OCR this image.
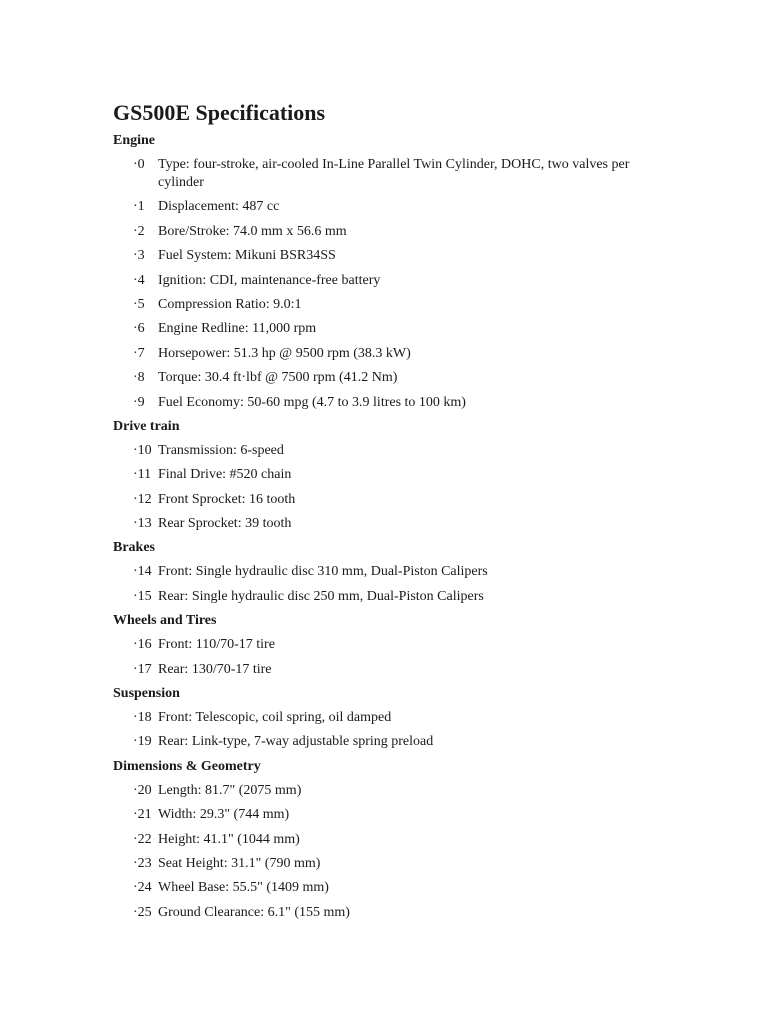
GS500E Specifications
Engine
·0 Type: four-stroke, air-cooled In-Line Parallel Twin Cylinder, DOHC, two valves per cylinder
·1 Displacement: 487 cc
·2 Bore/Stroke: 74.0 mm x 56.6 mm
·3 Fuel System: Mikuni BSR34SS
·4 Ignition: CDI, maintenance-free battery
·5 Compression Ratio: 9.0:1
·6 Engine Redline: 11,000 rpm
·7 Horsepower: 51.3 hp @ 9500 rpm (38.3 kW)
·8 Torque: 30.4 ft·lbf @ 7500 rpm (41.2 Nm)
·9 Fuel Economy: 50-60 mpg (4.7 to 3.9 litres to 100 km)
Drive train
·10 Transmission: 6-speed
·11 Final Drive: #520 chain
·12 Front Sprocket: 16 tooth
·13 Rear Sprocket: 39 tooth
Brakes
·14 Front: Single hydraulic disc 310 mm, Dual-Piston Calipers
·15 Rear: Single hydraulic disc 250 mm, Dual-Piston Calipers
Wheels and Tires
·16 Front: 110/70-17 tire
·17 Rear: 130/70-17 tire
Suspension
·18 Front: Telescopic, coil spring, oil damped
·19 Rear: Link-type, 7-way adjustable spring preload
Dimensions & Geometry
·20 Length: 81.7" (2075 mm)
·21 Width: 29.3" (744 mm)
·22 Height: 41.1" (1044 mm)
·23 Seat Height: 31.1" (790 mm)
·24 Wheel Base: 55.5" (1409 mm)
·25 Ground Clearance: 6.1" (155 mm)
